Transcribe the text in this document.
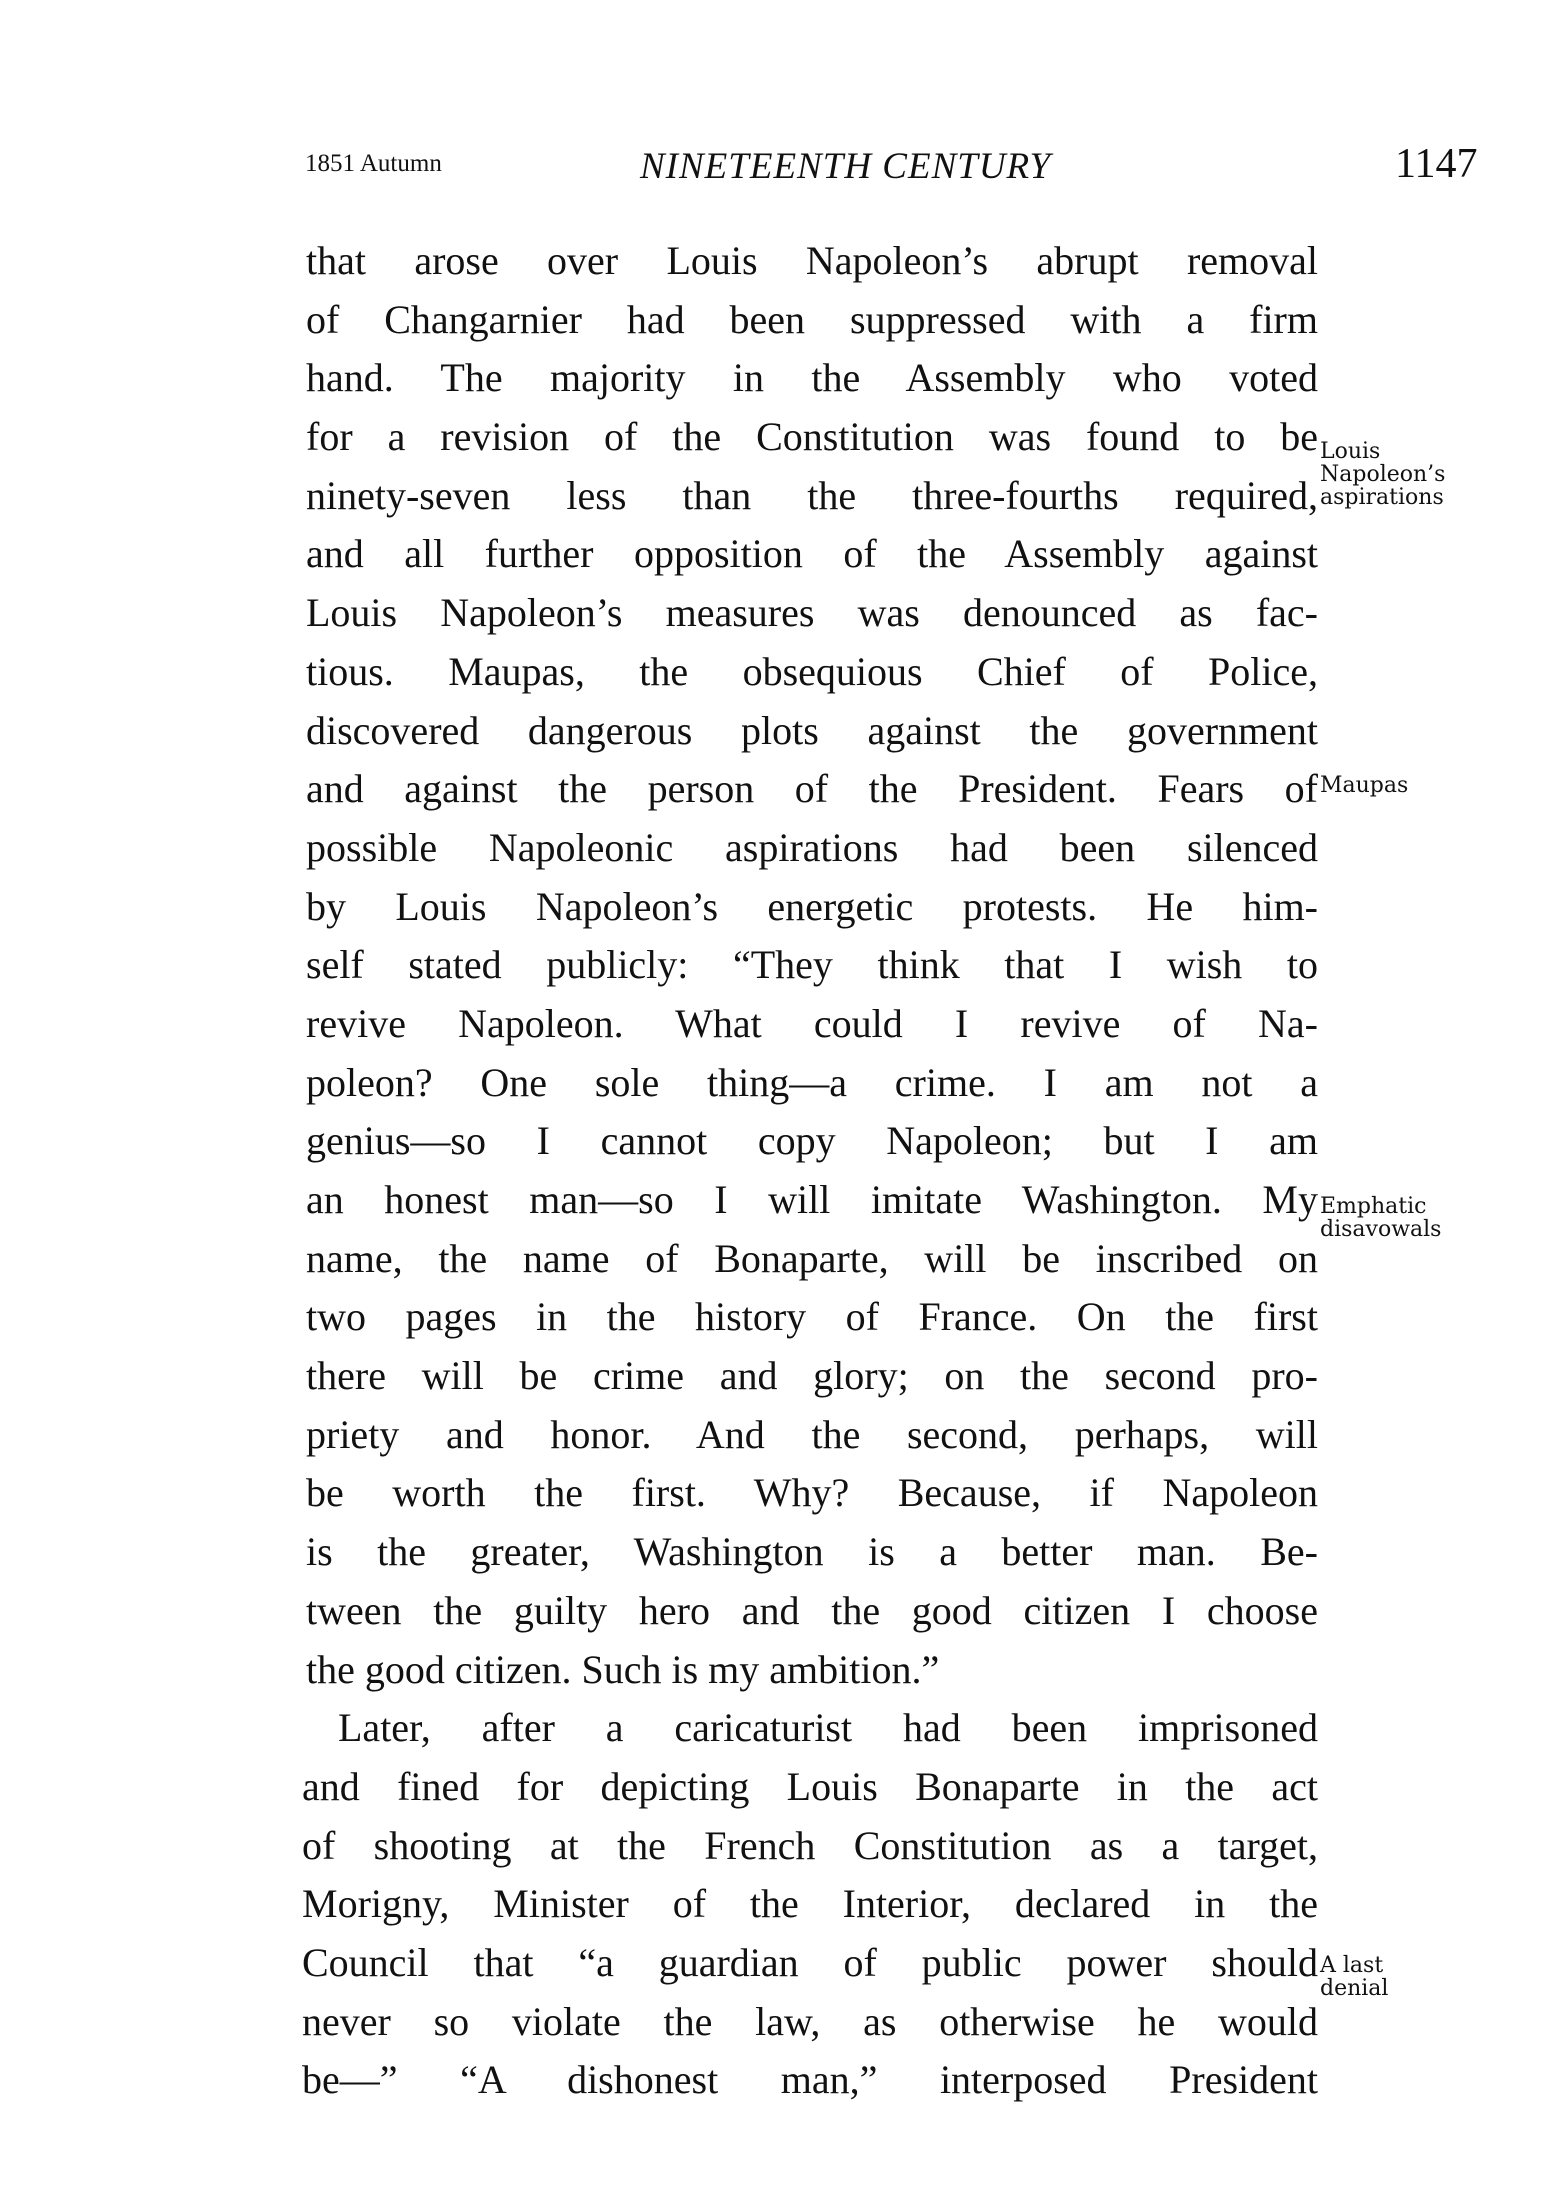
1851 Autumn	NINETEENTH CENTURY	1147
that arose over Louis Napoleon’s abrupt removal
of Changarnier had been suppressed with a firm
hand. The majority in the Assembly who voted
for a revision of the Constitution was found to be
ninety-seven less than the three-fourths required,
and all further opposition of the Assembly against
Louis Napoleon’s measures was denounced as fac-
tious. Maupas, the obsequious Chief of Police,
discovered dangerous plots against the government
and against the person of the President. Fears of
possible Napoleonic aspirations had been silenced
by Louis Napoleon’s energetic protests. He him-
self stated publicly: “They think that I wish to
revive Napoleon. What could I revive of Na-
poleon? One sole thing—a crime. I am not a
genius—so I cannot copy Napoleon; but I am
an honest man—so I will imitate Washington. My
name, the name of Bonaparte, will be inscribed on
two pages in the history of France. On the first
there will be crime and glory; on the second pro-
priety and honor. And the second, perhaps, will
be worth the first. Why? Because, if Napoleon
is the greater, Washington is a better man. Be-
tween the guilty hero and the good citizen I choose
the good citizen. Such is my ambition.”
Later, after a caricaturist had been imprisoned
and fined for depicting Louis Bonaparte in the act
of shooting at the French Constitution as a target,
Morigny, Minister of the Interior, declared in the
Council that “a guardian of public power should
never so violate the law, as otherwise he would
be—” “A dishonest man,” interposed President
Louis
Napoleon’s
aspirations
Maupas
Emphatic
disavowals
A last
denial
